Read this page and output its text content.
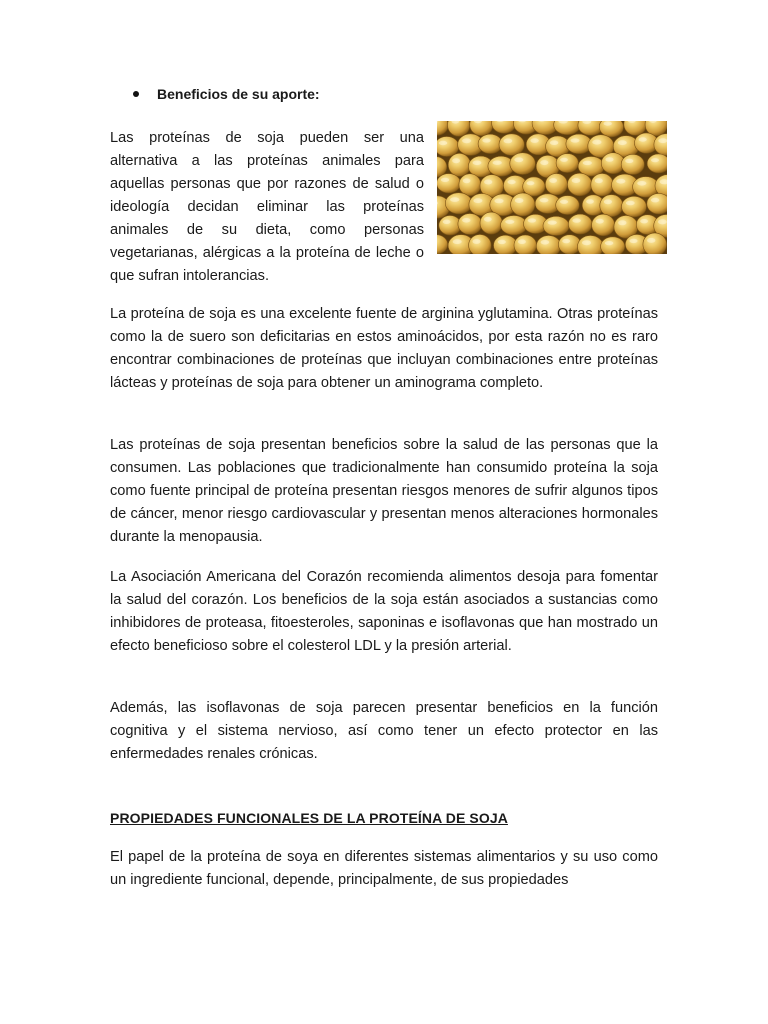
Beneficios de su aporte:

Las proteínas de soja pueden ser una alternativa a las proteínas animales para aquellas personas que por razones de salud o ideología decidan eliminar las proteínas animales de su dieta, como personas vegetarianas, alérgicas a la proteína de leche o que sufran intolerancias.

La proteína de soja es una excelente fuente de arginina yglutamina. Otras proteínas como la de suero son deficitarias en estos aminoácidos, por esta razón no es raro encontrar combinaciones de proteínas que incluyan combinaciones entre proteínas lácteas y proteínas de soja para obtener un aminograma completo.

Las proteínas de soja presentan beneficios sobre la salud de las personas que la consumen. Las poblaciones que tradicionalmente han consumido proteína la soja como fuente principal de proteína presentan riesgos menores de sufrir algunos tipos de cáncer, menor riesgo cardiovascular y presentan menos alteraciones hormonales durante la menopausia.

La Asociación Americana del Corazón recomienda alimentos desoja para fomentar la salud del corazón. Los beneficios de la soja están asociados a sustancias como inhibidores de proteasa, fitoesteroles, saponinas e isoflavonas que han mostrado un efecto beneficioso sobre el colesterol LDL y la presión arterial.

Además, las isoflavonas de soja parecen presentar beneficios en la función cognitiva y el sistema nervioso, así como tener un efecto protector en las enfermedades renales crónicas.

PROPIEDADES FUNCIONALES DE LA PROTEÍNA DE SOJA

El papel de la proteína de soya en diferentes sistemas alimentarios y su uso como un ingrediente funcional, depende, principalmente, de sus propiedades
